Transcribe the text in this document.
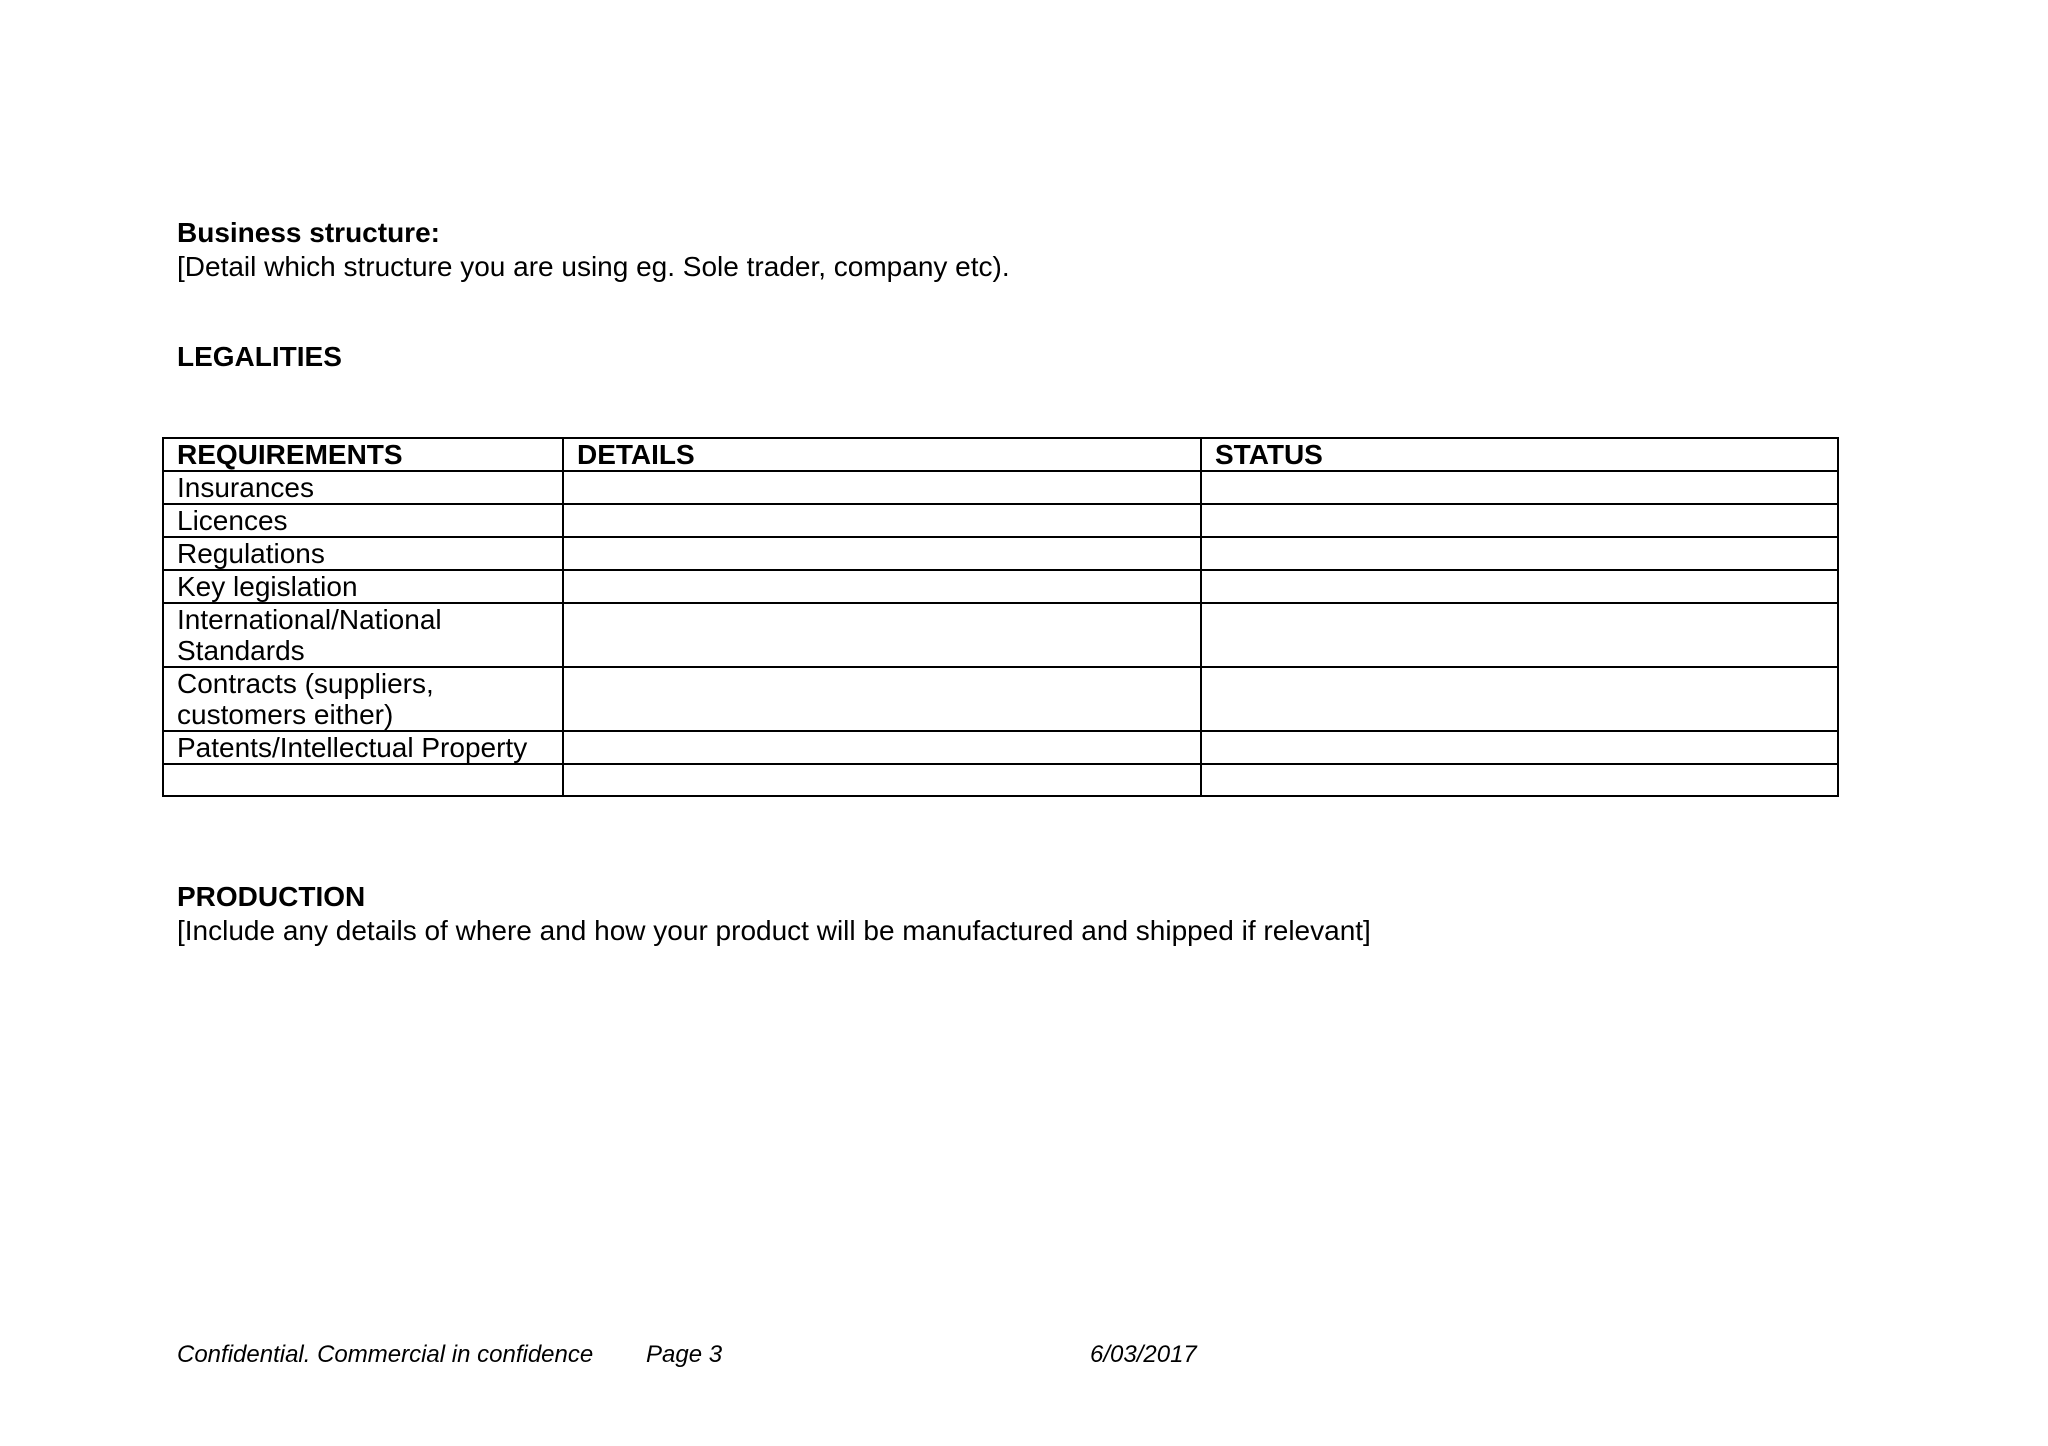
Business structure:
[Detail which structure you are using eg. Sole trader, company etc).
LEGALITIES
REQUIREMENTS	DETAILS	STATUS
Insurances		
Licences		
Regulations		
Key legislation		
International/National Standards		
Contracts (suppliers, customers either)		
Patents/Intellectual Property		

PRODUCTION
[Include any details of where and how your product will be manufactured and shipped if relevant]
Confidential. Commercial in confidence Page 3	6/03/2017
